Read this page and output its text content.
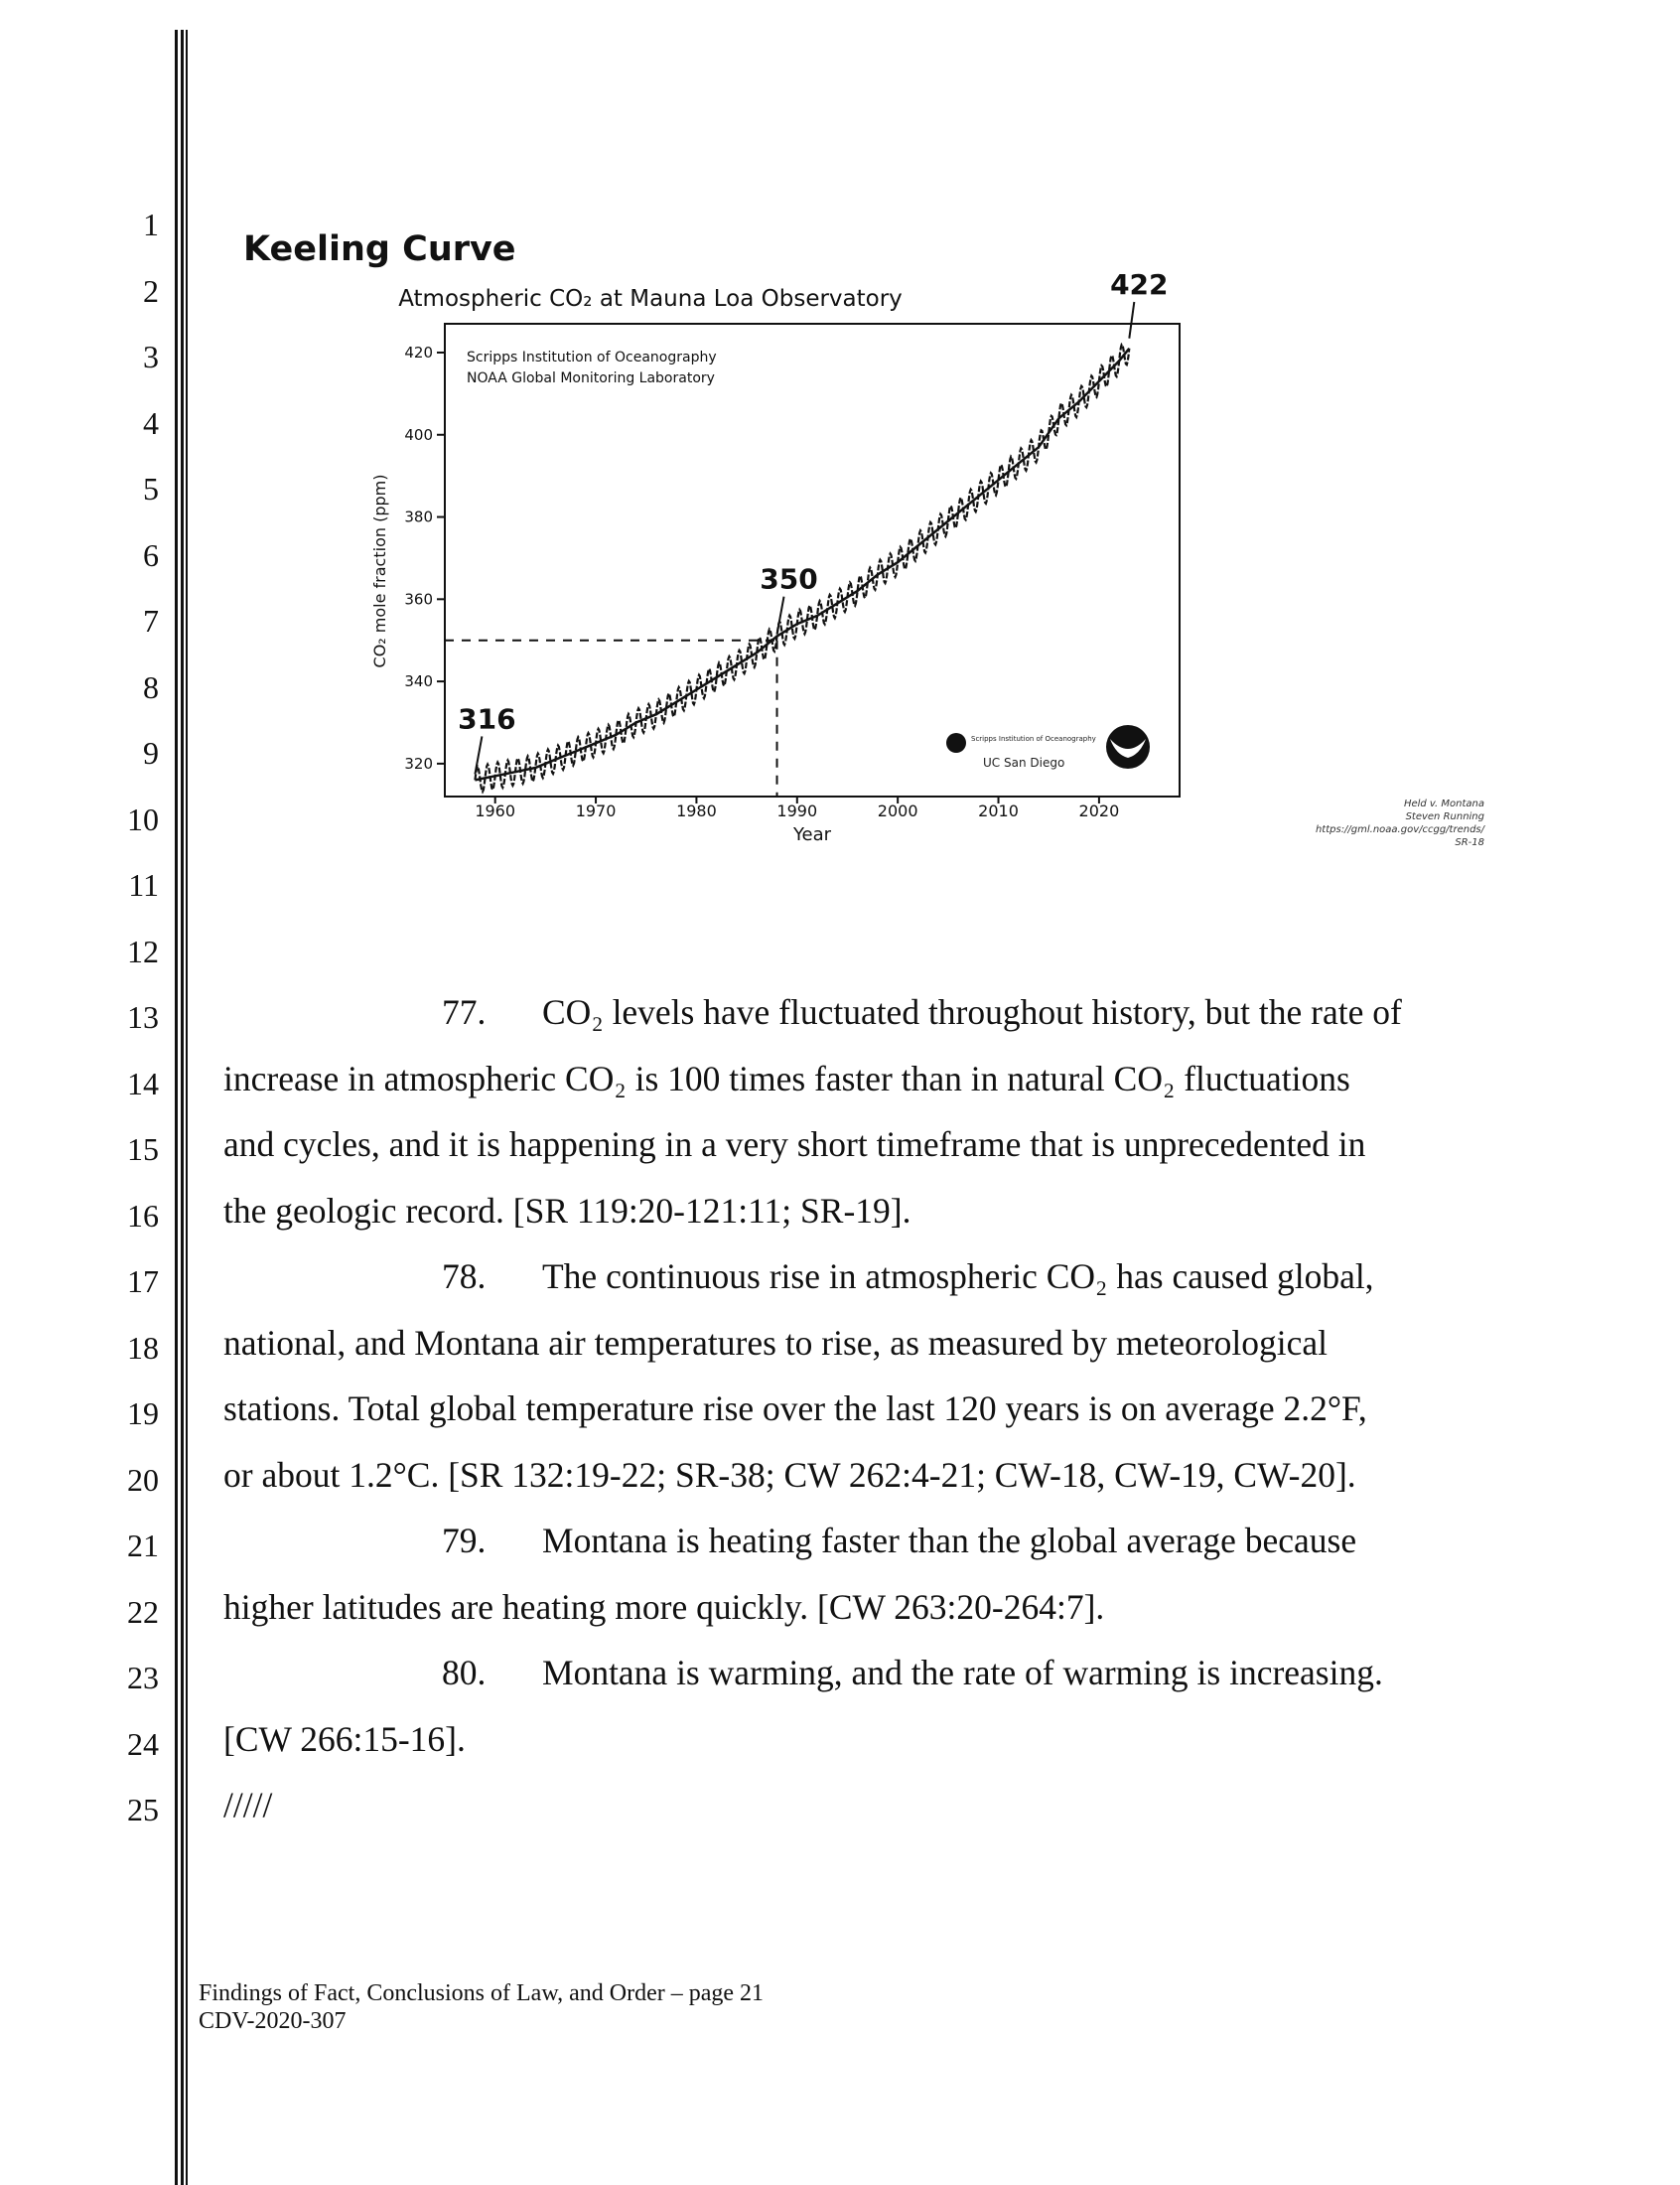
1
2
3
4
5
6
7
8
9
10
11
12
13
14
15
16
17
18
19
20
21
22
23
24
25
Keeling Curve
Atmospheric CO₂ at Mauna Loa Observatory
Scripps Institution of Oceanography
NOAA Global Monitoring Laboratory
320
340
360
380
400
420
1960	1970	1980	1990	2000	2010	2020
CO₂ mole fraction (ppm)
Year
316
350
422
Scripps Institution of Oceanography
UC San Diego
NOAA
Held v. Montana
Steven Running
https://gml.noaa.gov/ccgg/trends/
SR-18
77. CO₂ levels have fluctuated throughout history, but the rate of
increase in atmospheric CO₂ is 100 times faster than in natural CO₂ fluctuations
and cycles, and it is happening in a very short timeframe that is unprecedented in
the geologic record. [SR 119:20-121:11; SR-19].
78. The continuous rise in atmospheric CO₂ has caused global,
national, and Montana air temperatures to rise, as measured by meteorological
stations. Total global temperature rise over the last 120 years is on average 2.2°F,
or about 1.2°C. [SR 132:19-22; SR-38; CW 262:4-21; CW-18, CW-19, CW-20].
79. Montana is heating faster than the global average because
higher latitudes are heating more quickly. [CW 263:20-264:7].
80. Montana is warming, and the rate of warming is increasing.
[CW 266:15-16].
/////
Findings of Fact, Conclusions of Law, and Order – page 21
CDV-2020-307
